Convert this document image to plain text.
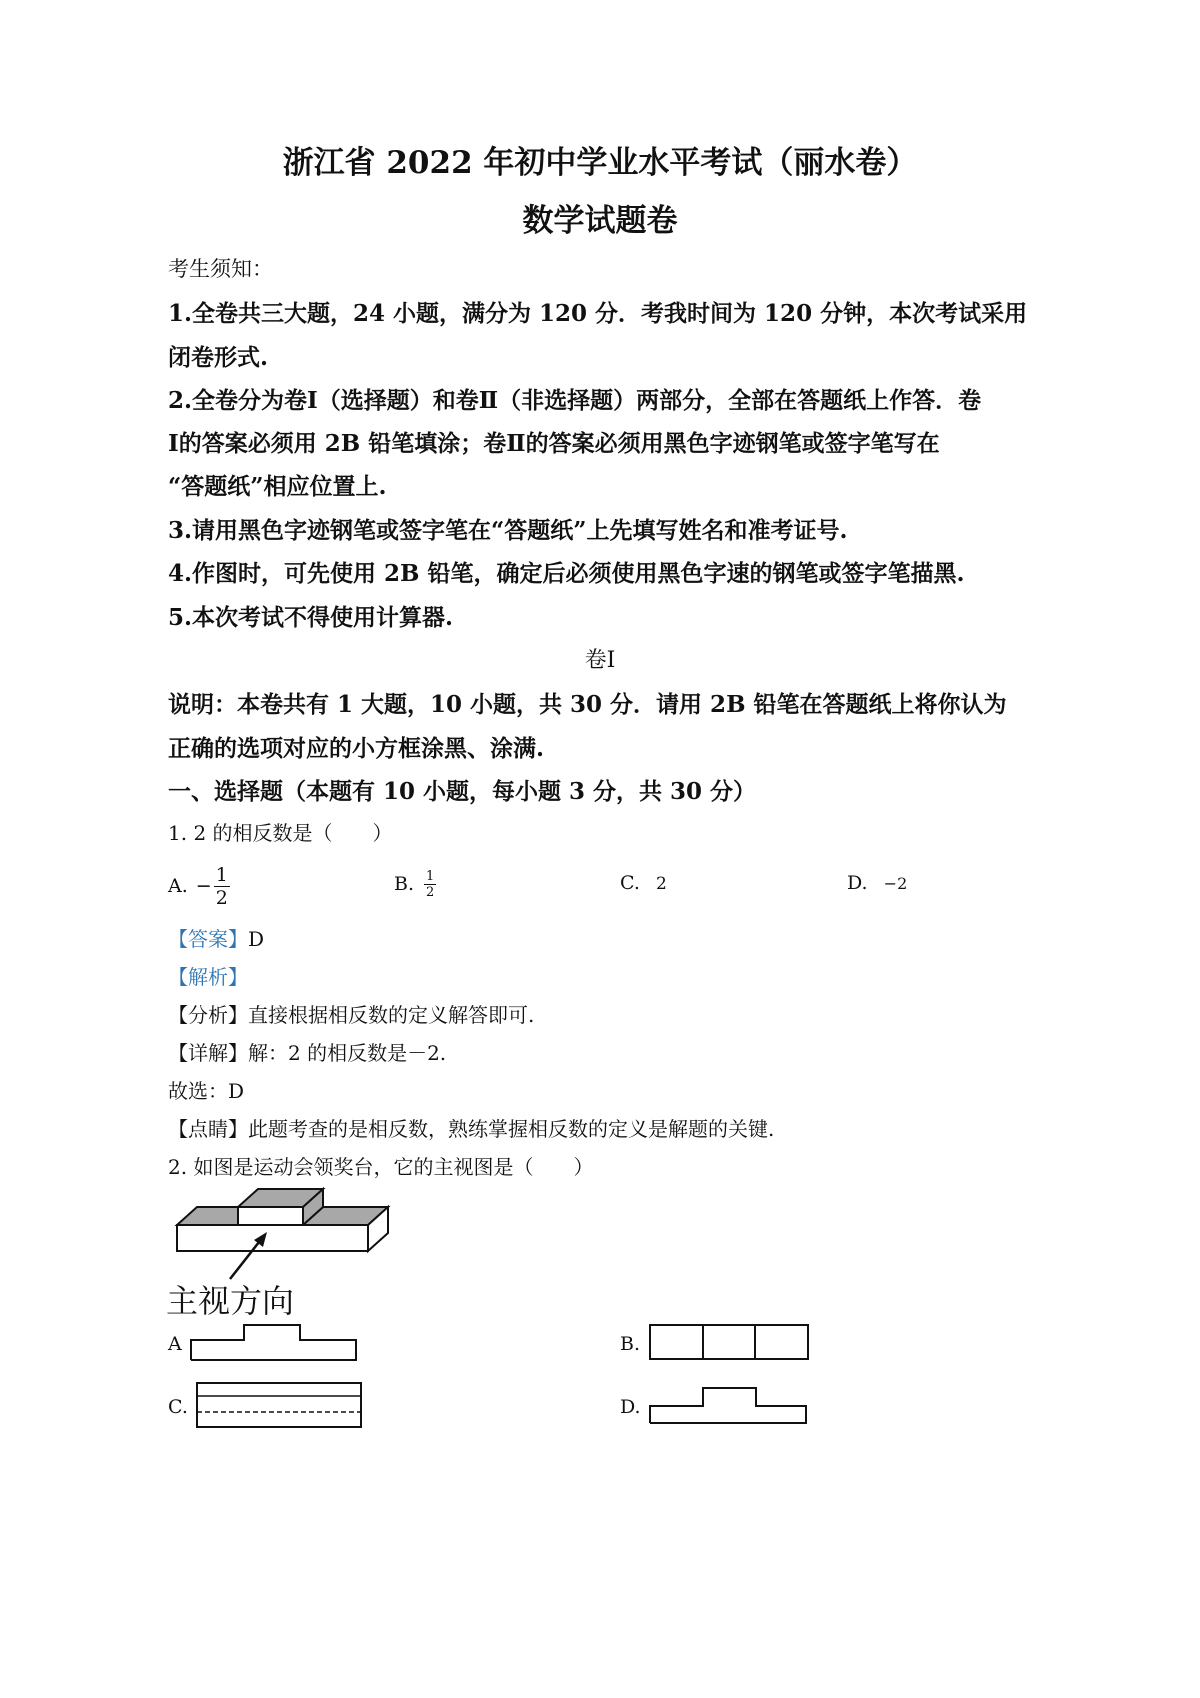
浙江省 2022 年初中学业水平考试（丽水卷）
数学试题卷
考生须知：
1.全卷共三大题，24 小题，满分为 120 分．考我时间为 120 分钟，本次考试采用
闭卷形式.
2.全卷分为卷Ⅰ（选择题）和卷Ⅱ（非选择题）两部分，全部在答题纸上作答．卷
Ⅰ的答案必须用 2B 铅笔填涂；卷Ⅱ的答案必须用黑色字迹钢笔或签字笔写在
“答题纸”相应位置上.
3.请用黑色字迹钢笔或签字笔在“答题纸”上先填写姓名和准考证号.
4.作图时，可先使用 2B 铅笔，确定后必须使用黑色字速的钢笔或签字笔描黑.
5.本次考试不得使用计算器.
卷Ⅰ
说明：本卷共有 1 大题，10 小题，共 30 分．请用 2B 铅笔在答题纸上将你认为
正确的选项对应的小方框涂黑、涂满.
一、选择题（本题有 10 小题，每小题 3 分，共 30 分）
1. 2 的相反数是（　　）
A. − $\frac{1}{2}$	B. $\frac{1}{2}$	C. 2	D. −2
【答案】D
【解析】
【分析】直接根据相反数的定义解答即可.
【详解】解：2 的相反数是－2.
故选：D
【点睛】此题考查的是相反数，熟练掌握相反数的定义是解题的关键.
2. 如图是运动会领奖台，它的主视图是（　　）
主视方向
A	B.
C.	D.
